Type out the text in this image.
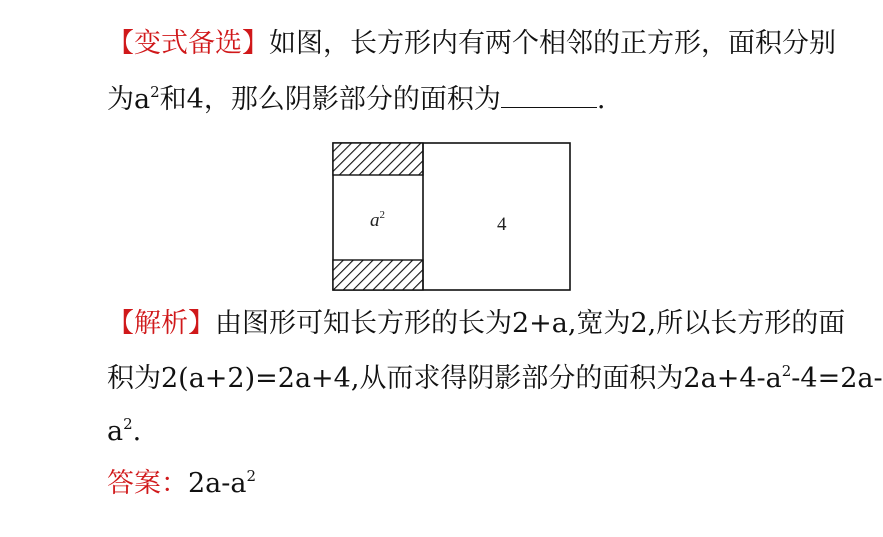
【变式备选】如图，长方形内有两个相邻的正方形，面积分别
为$a^2$和4，那么阴影部分的面积为	.
$a^2$	4
【解析】由图形可知长方形的长为2+a,宽为2,所以长方形的面
积为2(a+2)=2a+4,从而求得阴影部分的面积为$2a+4-a^2-4=2a-$
$a^2$.
答案：$2a-a^2$
